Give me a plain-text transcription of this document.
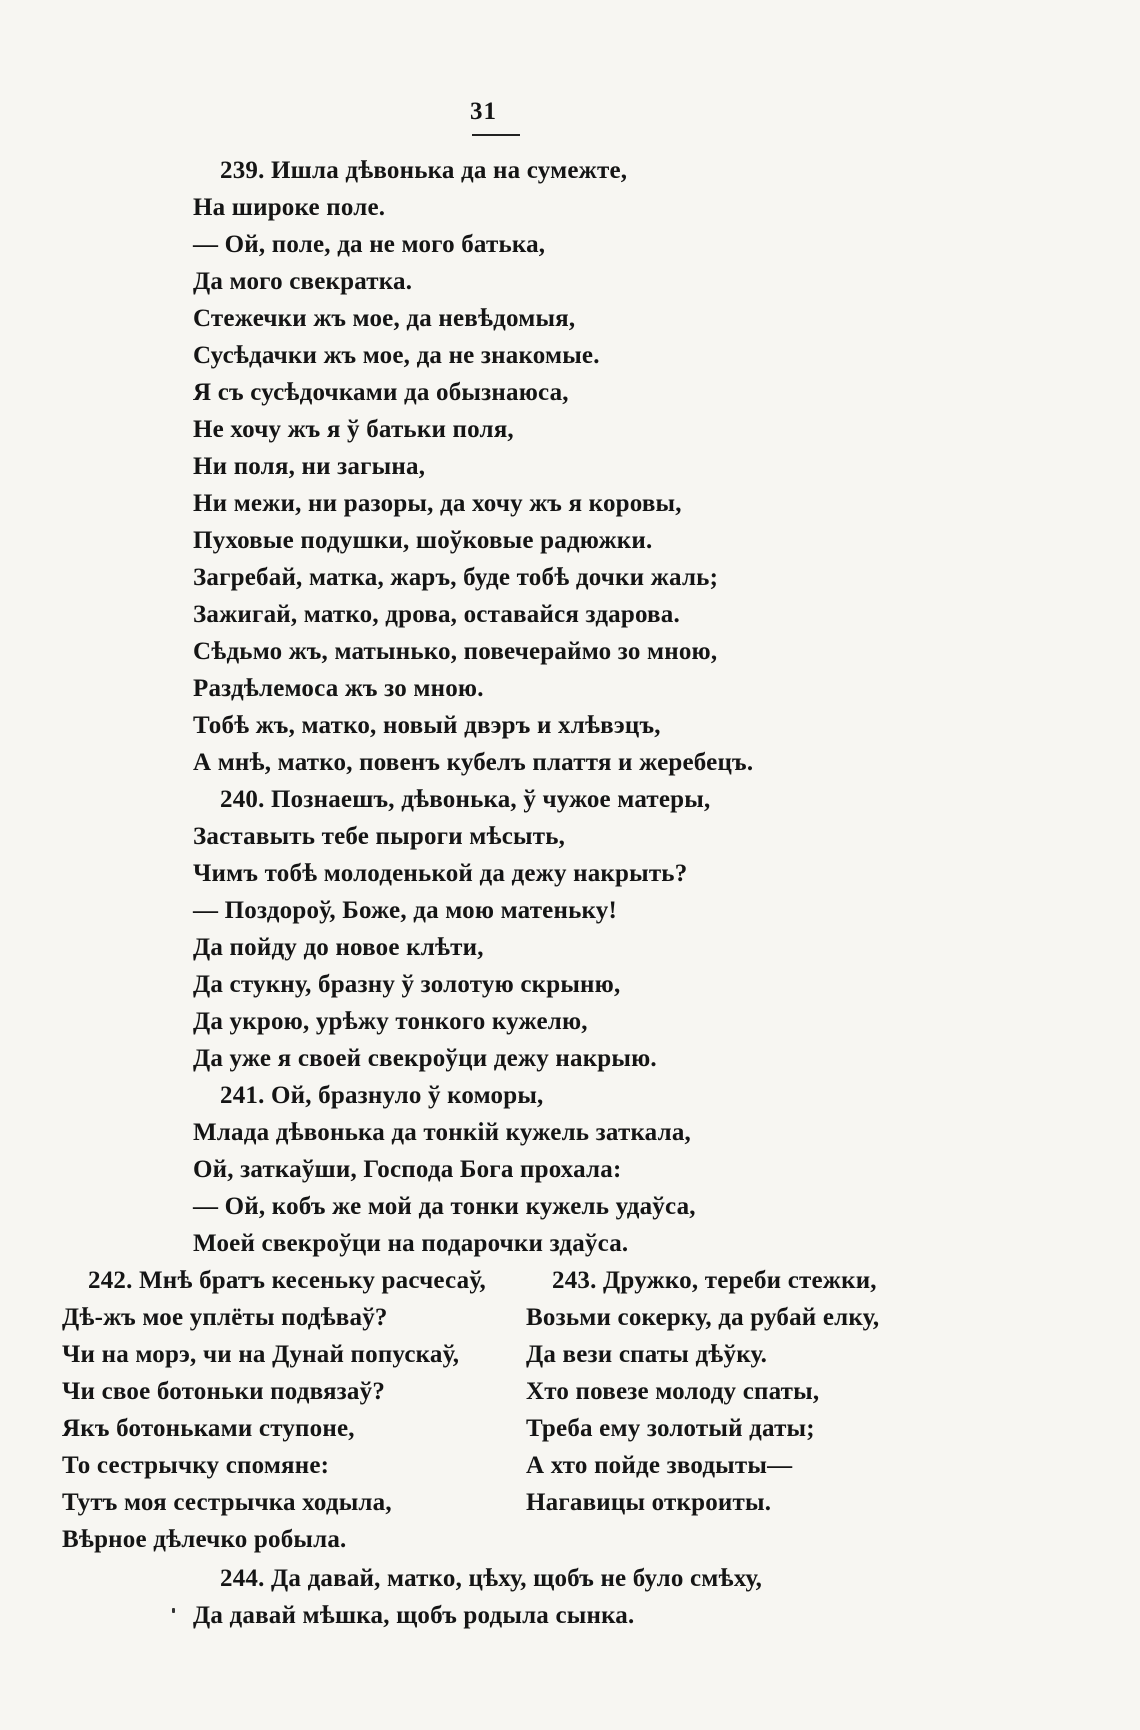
31
239. Ишла дѣвонька да на сумежте,
На широке поле.
— Ой, поле, да не мого батька,
Да мого свекратка.
Стежечки жъ мое, да невѣдомыя,
Сусѣдачки жъ мое, да не знакомые.
Я съ сусѣдочками да обызнаюса,
Не хочу жъ я ў батьки поля,
Ни поля, ни загына,
Ни межи, ни разоры, да хочу жъ я коровы,
Пуховые подушки, шоўковые радюжки.
Загребай, матка, жаръ, буде тобѣ дочки жаль;
Зажигай, матко, дрова, оставайся здарова.
Сѣдьмо жъ, матынько, повечераймо зо мною,
Раздѣлемоса жъ зо мною.
Тобѣ жъ, матко, новый двэръ и хлѣвэцъ,
А мнѣ, матко, повенъ кубелъ плаття и жеребецъ.
240. Познаешъ, дѣвонька, ў чужое матеры,
Заставыть тебе пыроги мѣсыть,
Чимъ тобѣ молоденькой да дежу накрыть?
— Поздороў, Боже, да мою матеньку!
Да пойду до новое клѣти,
Да стукну, бразну ў золотую скрыню,
Да укрою, урѣжу тонкого кужелю,
Да уже я своей свекроўци дежу накрыю.
241. Ой, бразнуло ў коморы,
Млада дѣвонька да тонкій кужель заткала,
Ой, заткаўши, Господа Бога прохала:
— Ой, кобъ же мой да тонки кужель удаўса,
Моей свекроўци на подарочки здаўса.
242. Мнѣ братъ кесеньку расчесаў,
Дѣ-жъ мое уплёты подѣваў?
Чи на морэ, чи на Дунай попускаў,
Чи свое ботоньки подвязаў?
Якъ ботоньками ступоне,
То сестрычку спомяне:
Тутъ моя сестрычка ходыла,
Вѣрное дѣлечко робыла.
243. Дружко, тереби стежки,
Возьми сокерку, да рубай елку,
Да вези спаты дѣўку.
Хто повезе молоду спаты,
Треба ему золотый даты;
А хто пойде зводыты—
Нагавицы откроиты.
244. Да давай, матко, цѣху, щобъ не було смѣху,
Да давай мѣшка, щобъ родыла сынка.
